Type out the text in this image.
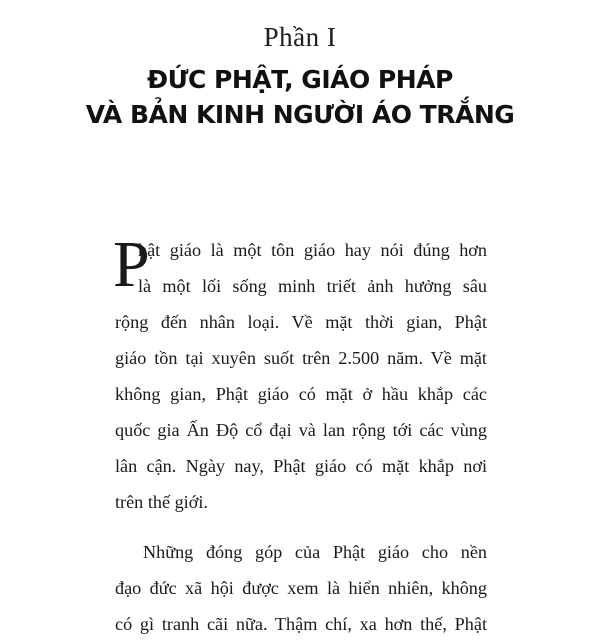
Phần I
ĐỨC PHẬT, GIÁO PHÁP
VÀ BẢN KINH NGƯỜI ÁO TRẮNG
P

hật giáo là một tôn giáo hay nói đúng hơn
là một lối sống minh triết ảnh hưởng sâu
rộng đến nhân loại. Về mặt thời gian, Phật
giáo tồn tại xuyên suốt trên 2.500 năm. Về mặt
không gian, Phật giáo có mặt ở hầu khắp các
quốc gia Ấn Độ cổ đại và lan rộng tới các vùng
lân cận. Ngày nay, Phật giáo có mặt khắp nơi
trên thế giới.

Những đóng góp của Phật giáo cho nền
đạo đức xã hội được xem là hiển nhiên, không
có gì tranh cãi nữa. Thậm chí, xa hơn thế, Phật
